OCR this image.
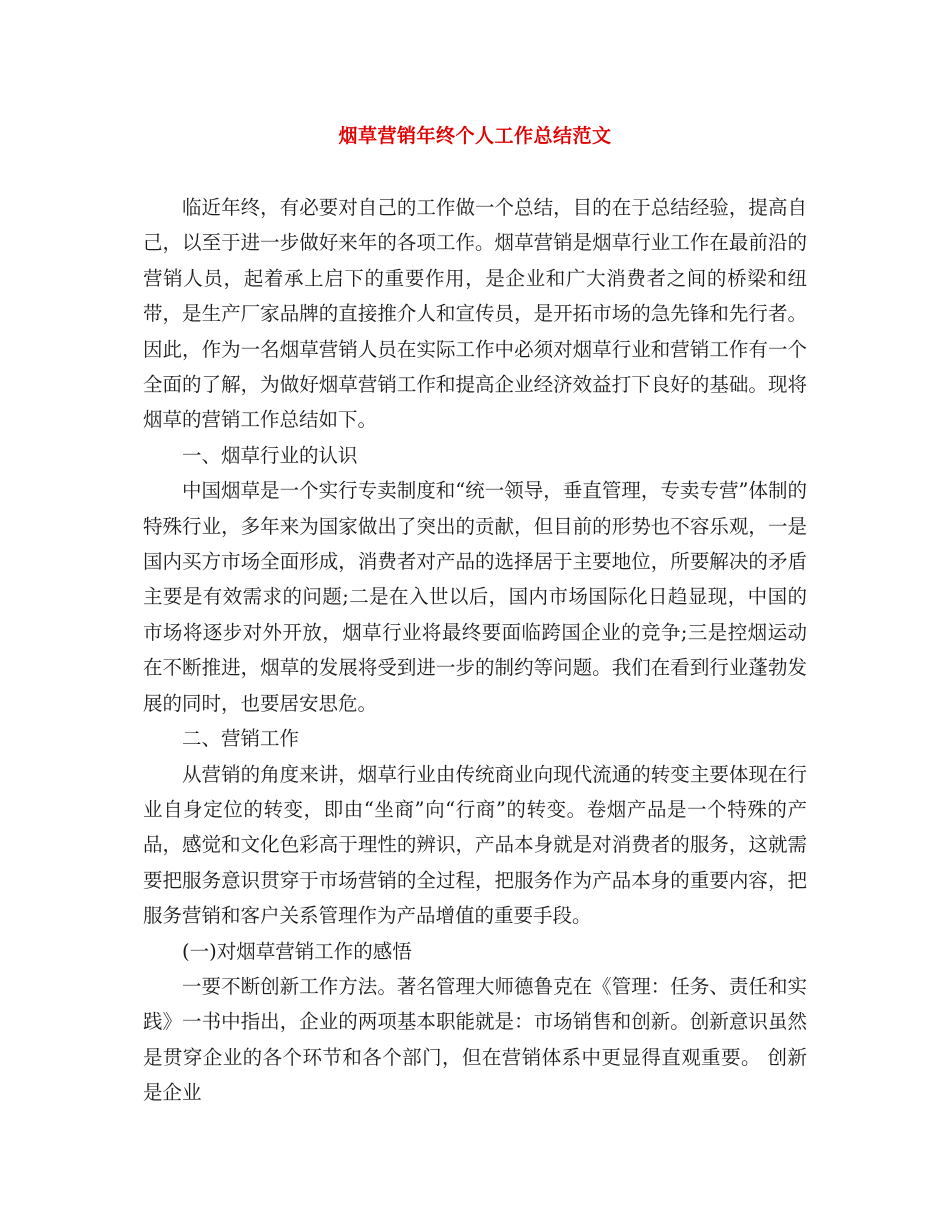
烟草营销年终个人工作总结范文

临近年终，有必要对自己的工作做一个总结，目的在于总结经验，提高自己，以至于进一步做好来年的各项工作。烟草营销是烟草行业工作在最前沿的营销人员，起着承上启下的重要作用，是企业和广大消费者之间的桥梁和纽带，是生产厂家品牌的直接推介人和宣传员，是开拓市场的急先锋和先行者。因此，作为一名烟草营销人员在实际工作中必须对烟草行业和营销工作有一个全面的了解，为做好烟草营销工作和提高企业经济效益打下良好的基础。现将烟草的营销工作总结如下。

一、烟草行业的认识

中国烟草是一个实行专卖制度和“统一领导，垂直管理，专卖专营”体制的特殊行业，多年来为国家做出了突出的贡献，但目前的形势也不容乐观，一是国内买方市场全面形成，消费者对产品的选择居于主要地位，所要解决的矛盾主要是有效需求的问题;二是在入世以后，国内市场国际化日趋显现，中国的市场将逐步对外开放，烟草行业将最终要面临跨国企业的竞争;三是控烟运动在不断推进，烟草的发展将受到进一步的制约等问题。我们在看到行业蓬勃发展的同时，也要居安思危。

二、营销工作

从营销的角度来讲，烟草行业由传统商业向现代流通的转变主要体现在行业自身定位的转变，即由“坐商”向“行商”的转变。卷烟产品是一个特殊的产品，感觉和文化色彩高于理性的辨识，产品本身就是对消费者的服务，这就需要把服务意识贯穿于市场营销的全过程，把服务作为产品本身的重要内容，把服务营销和客户关系管理作为产品增值的重要手段。

(一)对烟草营销工作的感悟

一要不断创新工作方法。著名管理大师德鲁克在《管理：任务、责任和实践》一书中指出，企业的两项基本职能就是：市场销售和创新。创新意识虽然是贯穿企业的各个环节和各个部门，但在营销体系中更显得直观重要。 创新是企业
